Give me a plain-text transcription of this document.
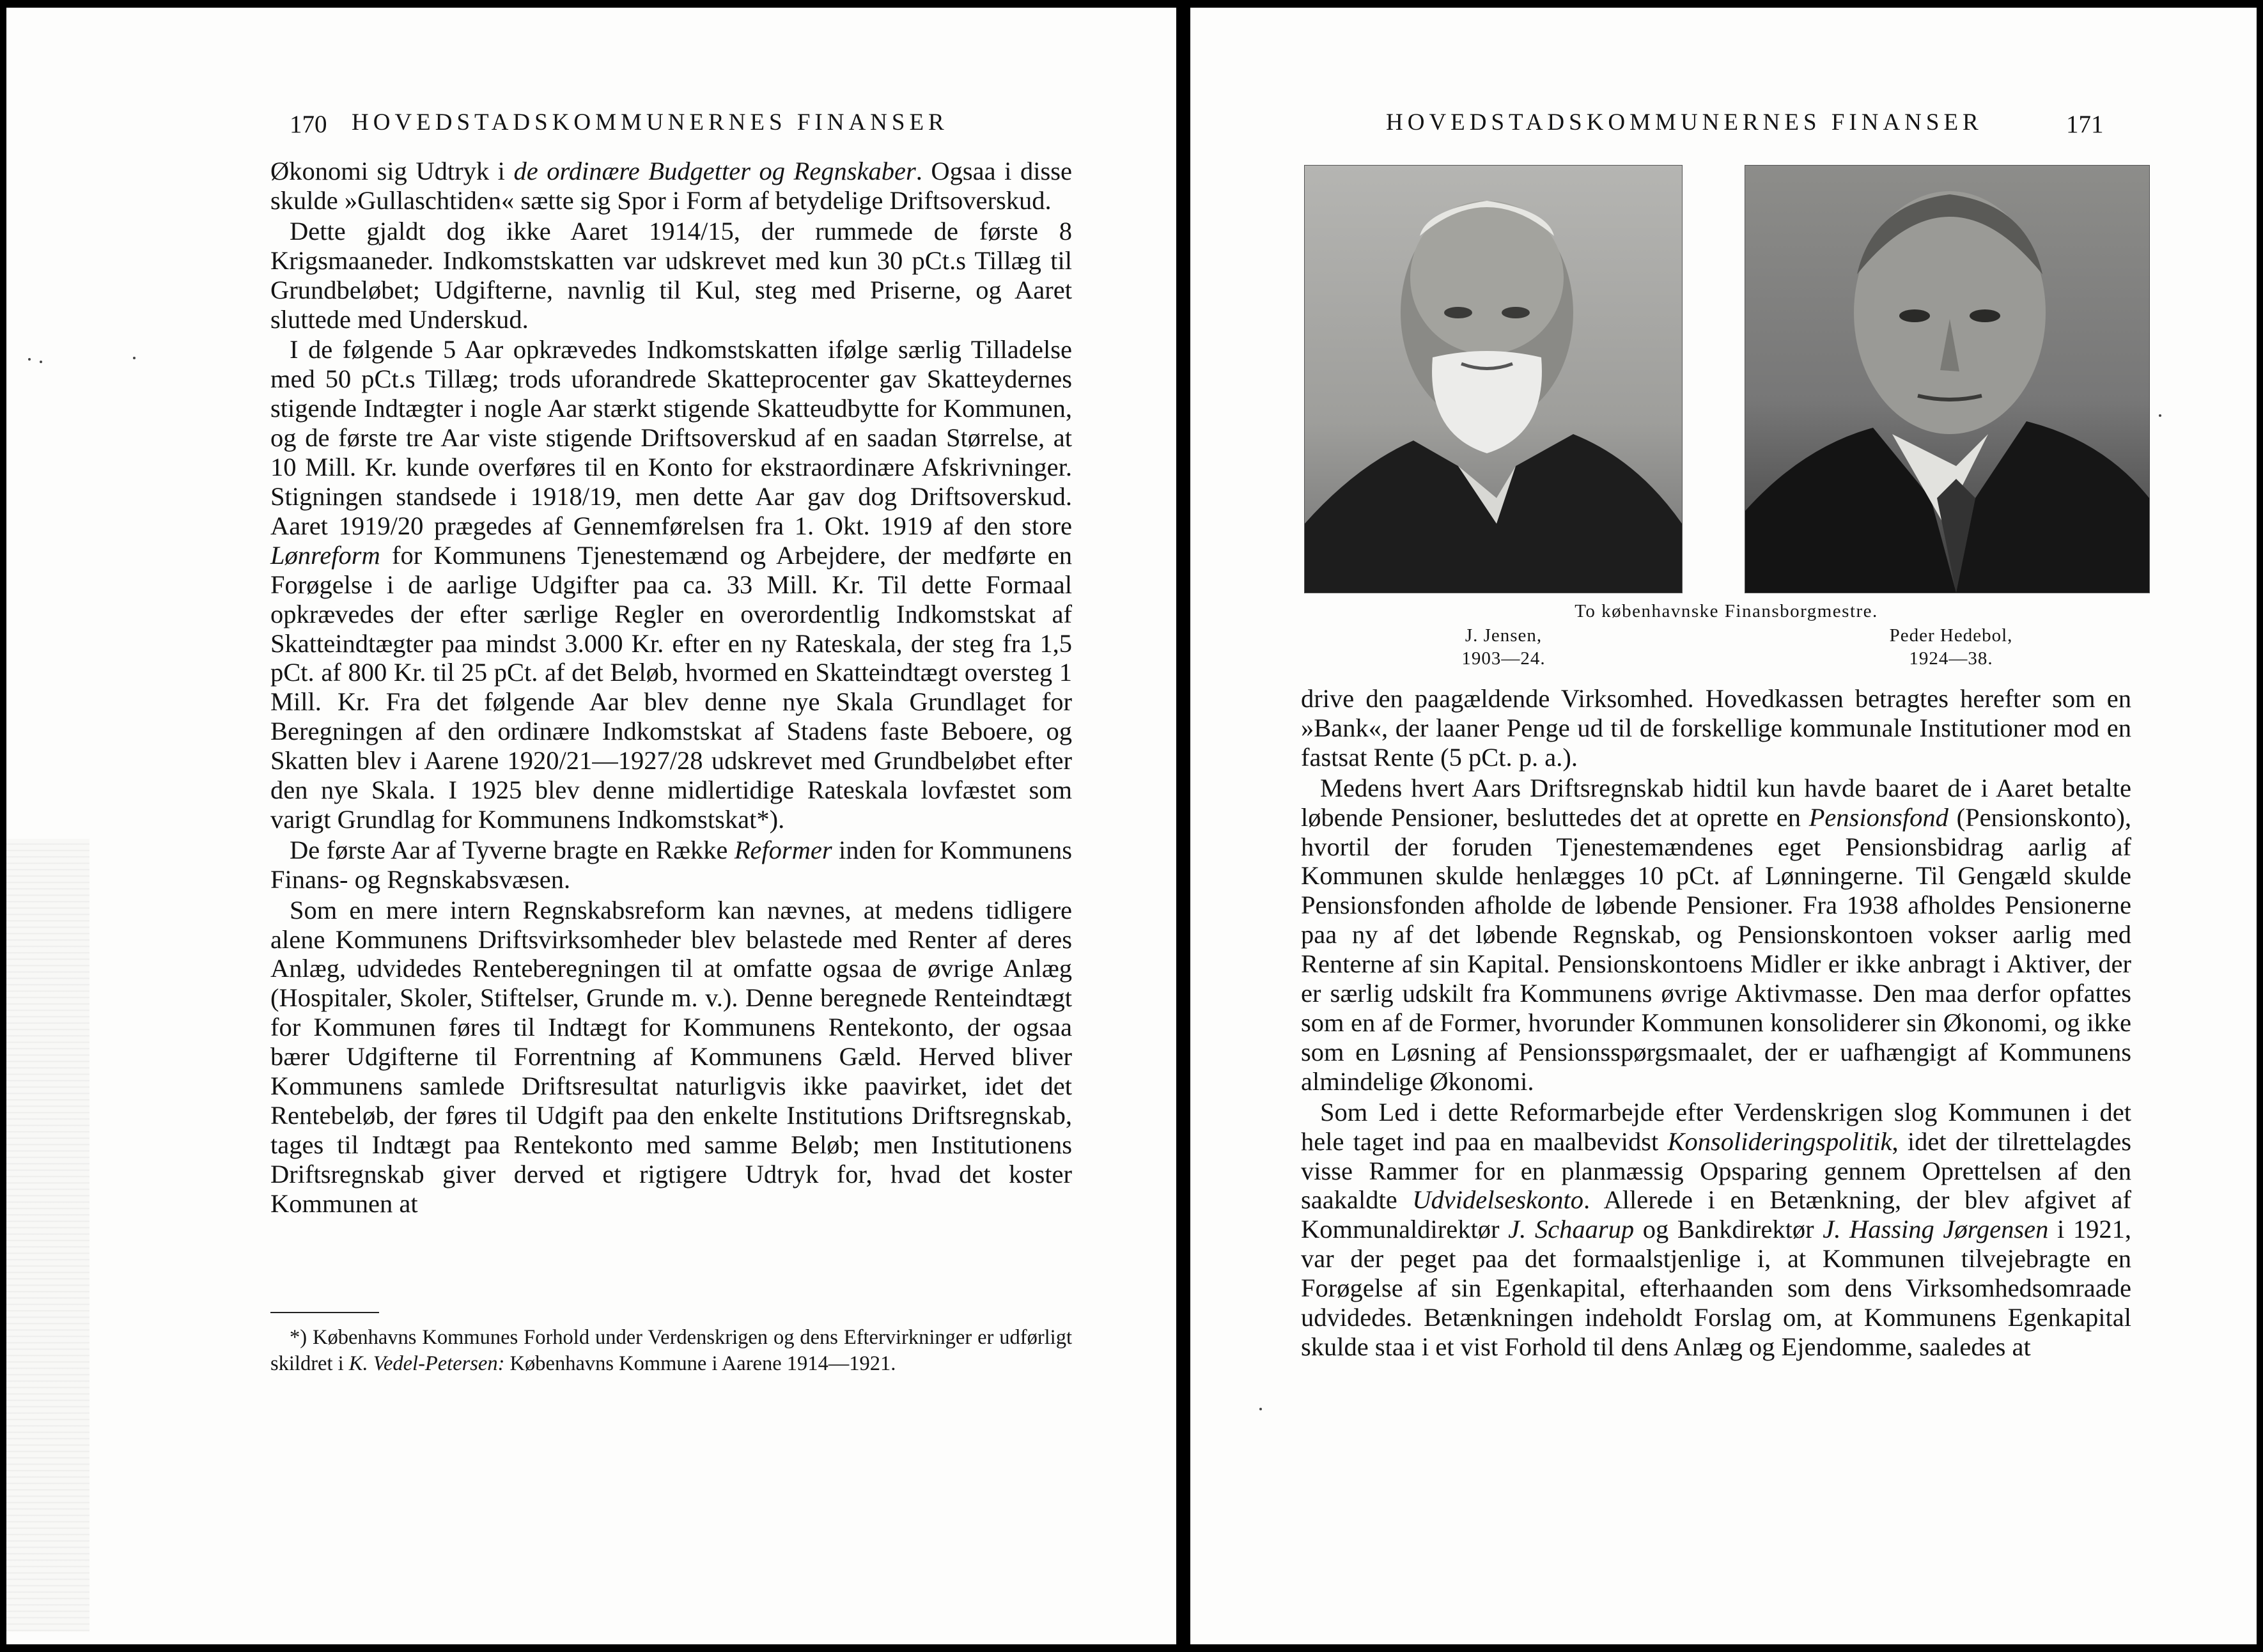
170 HOVEDSTADSKOMMUNERNES FINANSER

Økonomi sig Udtryk i de ordinære Budgetter og Regnskaber. Ogsaa i disse skulde »Gullaschtiden« sætte sig Spor i Form af betydelige Driftsoverskud.

Dette gjaldt dog ikke Aaret 1914/15, der rummede de første 8 Krigsmaaneder. Indkomstskatten var udskrevet med kun 30 pCt.s Tillæg til Grundbeløbet; Udgifterne, navnlig til Kul, steg med Priserne, og Aaret sluttede med Underskud.

I de følgende 5 Aar opkrævedes Indkomstskatten ifølge særlig Tilladelse med 50 pCt.s Tillæg; trods uforandrede Skatteprocenter gav Skatteydernes stigende Indtægter i nogle Aar stærkt stigende Skatteudbytte for Kommunen, og de første tre Aar viste stigende Driftsoverskud af en saadan Størrelse, at 10 Mill. Kr. kunde overføres til en Konto for ekstraordinære Afskrivninger. Stigningen standsede i 1918/19, men dette Aar gav dog Driftsoverskud. Aaret 1919/20 prægedes af Gennemførelsen fra 1. Okt. 1919 af den store Lønreform for Kommunens Tjenestemænd og Arbejdere, der medførte en Forøgelse i de aarlige Udgifter paa ca. 33 Mill. Kr. Til dette Formaal opkrævedes der efter særlige Regler en overordentlig Indkomstskat af Skatteindtægter paa mindst 3.000 Kr. efter en ny Rateskala, der steg fra 1,5 pCt. af 800 Kr. til 25 pCt. af det Beløb, hvormed en Skatteindtægt oversteg 1 Mill. Kr. Fra det følgende Aar blev denne nye Skala Grundlaget for Beregningen af den ordinære Indkomstskat af Stadens faste Beboere, og Skatten blev i Aarene 1920/21—1927/28 udskrevet med Grundbeløbet efter den nye Skala. I 1925 blev denne midlertidige Rateskala lovfæstet som varigt Grundlag for Kommunens Indkomstskat*).

De første Aar af Tyverne bragte en Række Reformer inden for Kommunens Finans- og Regnskabsvæsen.

Som en mere intern Regnskabsreform kan nævnes, at medens tidligere alene Kommunens Driftsvirksomheder blev belastede med Renter af deres Anlæg, udvidedes Renteberegningen til at omfatte ogsaa de øvrige Anlæg (Hospitaler, Skoler, Stiftelser, Grunde m. v.). Denne beregnede Renteindtægt for Kommunen føres til Indtægt for Kommunens Rentekonto, der ogsaa bærer Udgifterne til Forrentning af Kommunens Gæld. Herved bliver Kommunens samlede Driftsresultat naturligvis ikke paavirket, idet det Rentebeløb, der føres til Udgift paa den enkelte Institutions Driftsregnskab, tages til Indtægt paa Rentekonto med samme Beløb; men Institutionens Driftsregnskab giver derved et rigtigere Udtryk for, hvad det koster Kommunen at

*) Københavns Kommunes Forhold under Verdenskrigen og dens Eftervirkninger er udførligt skildret i K. Vedel-Petersen: Københavns Kommune i Aarene 1914—1921.

HOVEDSTADSKOMMUNERNES FINANSER	171
To københavnske Finansborgmestre.
J. Jensen,
1903—24.
Peder Hedebol,
1924—38.

drive den paagældende Virksomhed. Hovedkassen betragtes herefter som en »Bank«, der laaner Penge ud til de forskellige kommunale Institutioner mod en fastsat Rente (5 pCt. p. a.).

Medens hvert Aars Driftsregnskab hidtil kun havde baaret de i Aaret betalte løbende Pensioner, besluttedes det at oprette en Pensionsfond (Pensionskonto), hvortil der foruden Tjenestemændenes eget Pensionsbidrag aarlig af Kommunen skulde henlægges 10 pCt. af Lønningerne. Til Gengæld skulde Pensionsfonden afholde de løbende Pensioner. Fra 1938 afholdes Pensionerne paa ny af det løbende Regnskab, og Pensionskontoen vokser aarlig med Renterne af sin Kapital. Pensionskontoens Midler er ikke anbragt i Aktiver, der er særlig udskilt fra Kommunens øvrige Aktivmasse. Den maa derfor opfattes som en af de Former, hvorunder Kommunen konsoliderer sin Økonomi, og ikke som en Løsning af Pensionsspørgsmaalet, der er uafhængigt af Kommunens almindelige Økonomi.

Som Led i dette Reformarbejde efter Verdenskrigen slog Kommunen i det hele taget ind paa en maalbevidst Konsolideringspolitik, idet der tilrettelagdes visse Rammer for en planmæssig Opsparing gennem Oprettelsen af den saakaldte Udvidelseskonto. Allerede i en Betænkning, der blev afgivet af Kommunaldirektør J. Schaarup og Bankdirektør J. Hassing Jørgensen i 1921, var der peget paa det formaalstjenlige i, at Kommunen tilvejebragte en Forøgelse af sin Egenkapital, efterhaanden som dens Virksomhedsomraade udvidedes. Betænkningen indeholdt Forslag om, at Kommunens Egenkapital skulde staa i et vist Forhold til dens Anlæg og Ejendomme, saaledes at
